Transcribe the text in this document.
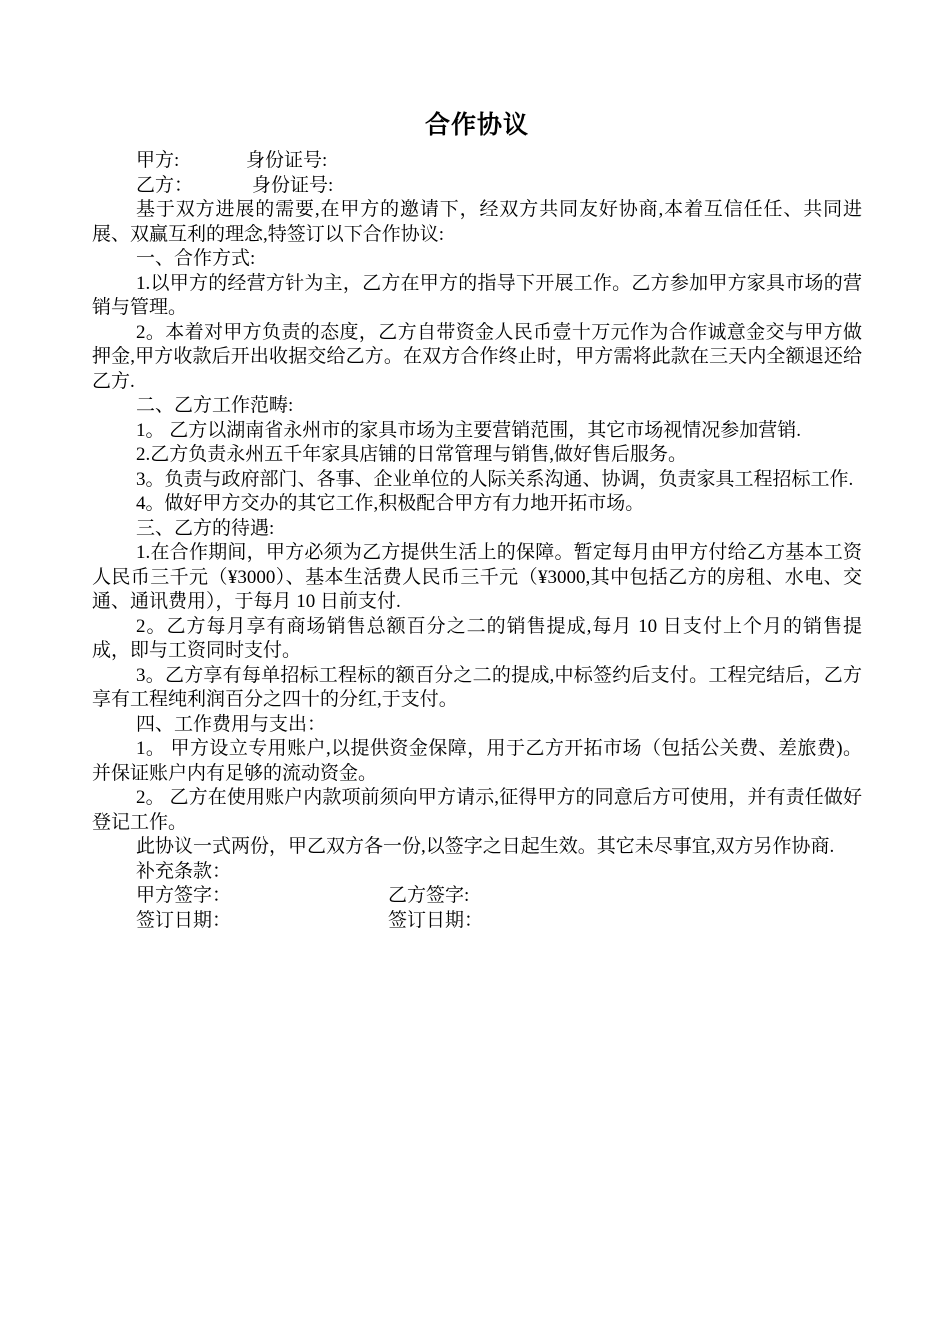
合作协议
甲方:	身份证号:
乙方：	身份证号:

基于双方进展的需要,在甲方的邀请下，经双方共同友好协商,本着互信任任、共同进展、双赢互利的理念,特签订以下合作协议:

一、合作方式:

1.以甲方的经营方针为主，乙方在甲方的指导下开展工作。乙方参加甲方家具市场的营销与管理。

2。本着对甲方负责的态度，乙方自带资金人民币壹十万元作为合作诚意金交与甲方做押金,甲方收款后开出收据交给乙方。在双方合作终止时，甲方需将此款在三天内全额退还给乙方.

二、乙方工作范畴:

1。 乙方以湖南省永州市的家具市场为主要营销范围，其它市场视情况参加营销.

2.乙方负责永州五千年家具店铺的日常管理与销售,做好售后服务。

3。负责与政府部门、各事、企业单位的人际关系沟通、协调，负责家具工程招标工作.

4。做好甲方交办的其它工作,积极配合甲方有力地开拓市场。

三、乙方的待遇:

1.在合作期间，甲方必须为乙方提供生活上的保障。暂定每月由甲方付给乙方基本工资人民币三千元（¥3000）、基本生活费人民币三千元（¥3000,其中包括乙方的房租、水电、交通、通讯费用），于每月 10 日前支付.

2。乙方每月享有商场销售总额百分之二的销售提成,每月 10 日支付上个月的销售提成，即与工资同时支付。

3。乙方享有每单招标工程标的额百分之二的提成,中标签约后支付。工程完结后，乙方享有工程纯利润百分之四十的分红,于支付。

四、工作费用与支出：

1。 甲方设立专用账户,以提供资金保障，用于乙方开拓市场（包括公关费、差旅费)。并保证账户内有足够的流动资金。

2。 乙方在使用账户内款项前须向甲方请示,征得甲方的同意后方可使用，并有责任做好登记工作。

此协议一式两份，甲乙双方各一份,以签字之日起生效。其它未尽事宜,双方另作协商.

补充条款：

甲方签字：	乙方签字:
签订日期：	签订日期：
